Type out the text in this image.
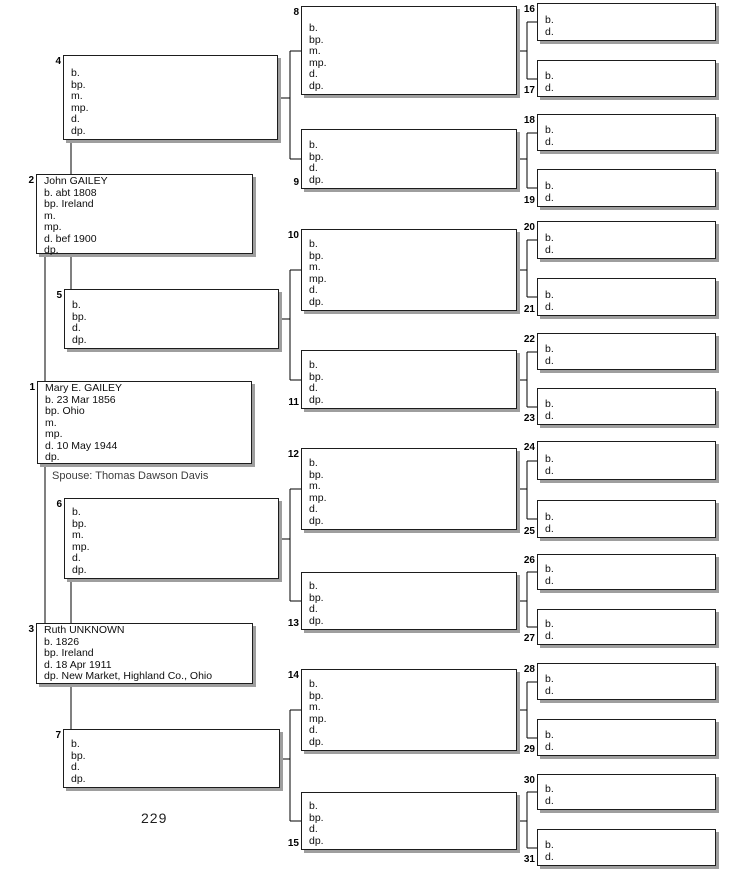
Mary E. GAILEY
b. 23 Mar 1856
bp. Ohio
m.
mp.
d. 10 May 1944
dp.
1
John GAILEY
b. abt 1808
bp. Ireland
m.
mp.
d. bef 1900
dp.
2
Ruth UNKNOWN
b. 1826
bp. Ireland
d. 18 Apr 1911
dp. New Market, Highland Co., Ohio
3
b.
bp.
m.
mp.
d.
dp.
4
b.
bp.
d.
dp.
5
b.
bp.
m.
mp.
d.
dp.
6
b.
bp.
d.
dp.
7
b.
bp.
m.
mp.
d.
dp.
8
b.
bp.
d.
dp.
9
b.
bp.
m.
mp.
d.
dp.
10
b.
bp.
d.
dp.
11
b.
bp.
m.
mp.
d.
dp.
12
b.
bp.
d.
dp.
13
b.
bp.
m.
mp.
d.
dp.
14
b.
bp.
d.
dp.
15
b.
d.
16
b.
d.
17
b.
d.
18
b.
d.
19
b.
d.
20
b.
d.
21
b.
d.
22
b.
d.
23
b.
d.
24
b.
d.
25
b.
d.
26
b.
d.
27
b.
d.
28
b.
d.
29
b.
d.
30
b.
d.
31
Spouse: Thomas Dawson Davis
229
